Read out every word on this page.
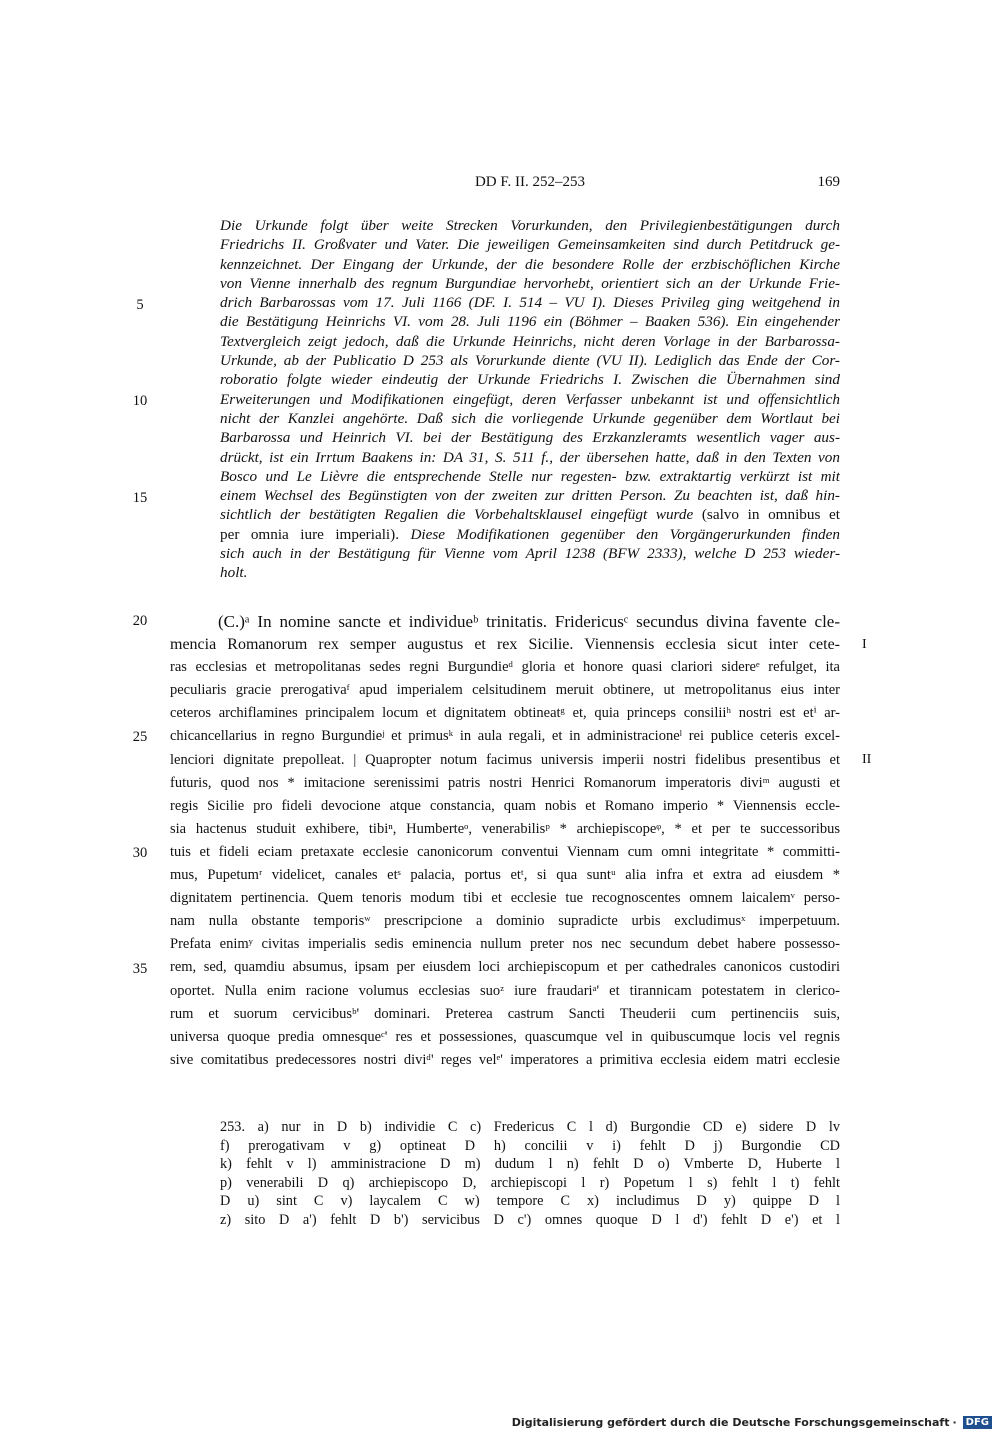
DD F. II. 252–253	169
Die Urkunde folgt über weite Strecken Vorurkunden, den Privilegienbestätigungen durch
Friedrichs II. Großvater und Vater. Die jeweiligen Gemeinsamkeiten sind durch Petitdruck ge-
kennzeichnet. Der Eingang der Urkunde, der die besondere Rolle der erzbischöflichen Kirche
von Vienne innerhalb des regnum Burgundiae hervorhebt, orientiert sich an der Urkunde Frie-
drich Barbarossas vom 17. Juli 1166 (DF. I. 514 – VU I). Dieses Privileg ging weitgehend in
die Bestätigung Heinrichs VI. vom 28. Juli 1196 ein (Böhmer – Baaken 536). Ein eingehender
Textvergleich zeigt jedoch, daß die Urkunde Heinrichs, nicht deren Vorlage in der Barbarossa-
Urkunde, ab der Publicatio D 253 als Vorurkunde diente (VU II). Lediglich das Ende der Cor-
roboratio folgte wieder eindeutig der Urkunde Friedrichs I. Zwischen die Übernahmen sind
Erweiterungen und Modifikationen eingefügt, deren Verfasser unbekannt ist und offensichtlich
nicht der Kanzlei angehörte. Daß sich die vorliegende Urkunde gegenüber dem Wortlaut bei
Barbarossa und Heinrich VI. bei der Bestätigung des Erzkanzleramts wesentlich vager aus-
drückt, ist ein Irrtum Baakens in: DA 31, S. 511 f., der übersehen hatte, daß in den Texten von
Bosco und Le Lièvre die entsprechende Stelle nur regesten- bzw. extraktartig verkürzt ist mit
einem Wechsel des Begünstigten von der zweiten zur dritten Person. Zu beachten ist, daß hin-
sichtlich der bestätigten Regalien die Vorbehaltsklausel eingefügt wurde (salvo in omnibus et
per omnia iure imperiali). Diese Modifikationen gegenüber den Vorgängerurkunden finden
sich auch in der Bestätigung für Vienne vom April 1238 (BFW 2333), welche D 253 wieder-
holt.
5
10
15
20
25
30
35
I
II
(C.)ᵃ In nomine sancte et individueᵇ trinitatis. Fridericusᶜ secundus divina favente cle-
mencia Romanorum rex semper augustus et rex Sicilie. Viennensis ecclesia sicut inter cete-
ras ecclesias et metropolitanas sedes regni Burgundieᵈ gloria et honore quasi clariori sidereᵉ refulget, ita
peculiaris gracie prerogativaᶠ apud imperialem celsitudinem meruit obtinere, ut metropolitanus eius inter
ceteros archiflamines principalem locum et dignitatem obtineatᵍ et, quia princeps consiliiʰ nostri est etⁱ ar-
chicancellarius in regno Burgundieʲ et primusᵏ in aula regali, et in administracioneˡ rei publice ceteris excel-
lenciori dignitate prepolleat. | Quapropter notum facimus universis imperii nostri fidelibus presentibus et
futuris, quod nos * imitacione serenissimi patris nostri Henrici Romanorum imperatoris diviᵐ augusti et
regis Sicilie pro fideli devocione atque constancia, quam nobis et Romano imperio * Viennensis eccle-
sia hactenus studuit exhibere, tibiⁿ, Humberteᵒ, venerabilisᵖ * archiepiscopeᵠ, * et per te successoribus
tuis et fideli eciam pretaxate ecclesie canonicorum conventui Viennam cum omni integritate * committi-
mus, Pupetumʳ videlicet, canales etˢ palacia, portus etᵗ, si qua suntᵘ alia infra et extra ad eiusdem *
dignitatem pertinencia. Quem tenoris modum tibi et ecclesie tue recognoscentes omnem laicalemᵛ perso-
nam nulla obstante temporisʷ prescripcione a dominio supradicte urbis excludimusˣ imperpetuum.
Prefata enimʸ civitas imperialis sedis eminencia nullum preter nos nec secundum debet habere possesso-
rem, sed, quamdiu absumus, ipsam per eiusdem loci archiepiscopum et per cathedrales canonicos custodiri
oportet. Nulla enim racione volumus ecclesias suoᶻ iure fraudariᵃ' et tirannicam potestatem in clerico-
rum et suorum cervicibusᵇ' dominari. Preterea castrum Sancti Theuderii cum pertinenciis suis,
universa quoque predia omnesqueᶜ' res et possessiones, quascumque vel in quibuscumque locis vel regnis
sive comitatibus predecessores nostri diviᵈ' reges velᵉ' imperatores a primitiva ecclesia eidem matri ecclesie
253. a) nur in D b) individie C c) Fredericus C l d) Burgondie CD e) sidere D lv
f) prerogativam v g) optineat D h) concilii v i) fehlt D j) Burgondie CD
k) fehlt v l) amministracione D m) dudum l n) fehlt D o) Vmberte D, Huberte l
p) venerabili D q) archiepiscopo D, archiepiscopi l r) Popetum l s) fehlt l t) fehlt
D u) sint C v) laycalem C w) tempore C x) includimus D y) quippe D l
z) sito D a') fehlt D b') servicibus D c') omnes quoque D l d') fehlt D e') et l
Digitalisierung gefördert durch die Deutsche Forschungsgemeinschaft · DFG
